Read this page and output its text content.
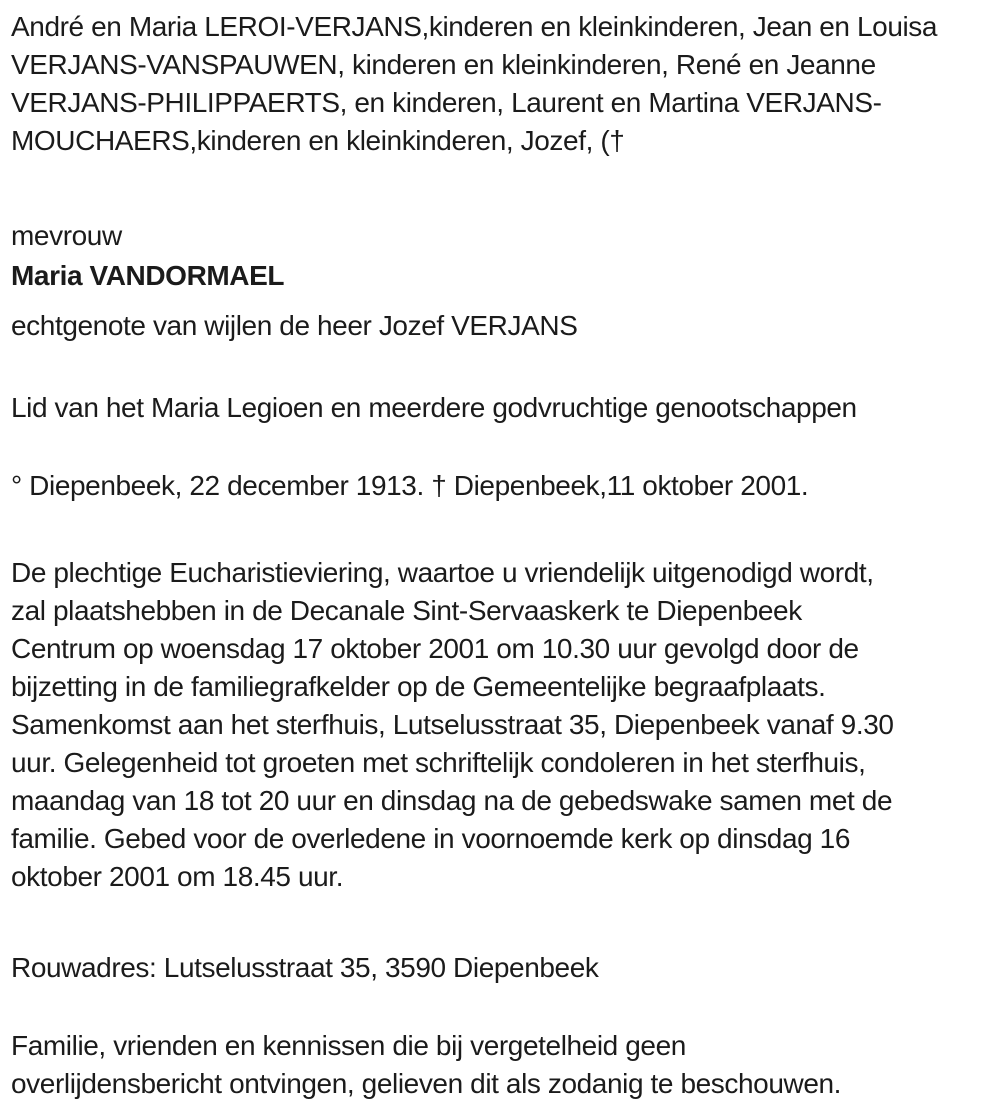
André en Maria LEROI-VERJANS,kinderen en kleinkinderen, Jean en Louisa
VERJANS-VANSPAUWEN, kinderen en kleinkinderen, René en Jeanne
VERJANS-PHILIPPAERTS, en kinderen, Laurent en Martina VERJANS-
MOUCHAERS,kinderen en kleinkinderen, Jozef, (†
mevrouw
Maria VANDORMAEL
echtgenote van wijlen de heer Jozef VERJANS
Lid van het Maria Legioen en meerdere godvruchtige genootschappen
° Diepenbeek, 22 december 1913. † Diepenbeek,11 oktober 2001.
De plechtige Eucharistieviering, waartoe u vriendelijk uitgenodigd wordt,
zal plaatshebben in de Decanale Sint-Servaaskerk te Diepenbeek
Centrum op woensdag 17 oktober 2001 om 10.30 uur gevolgd door de
bijzetting in de familiegrafkelder op de Gemeentelijke begraafplaats.
Samenkomst aan het sterfhuis, Lutselusstraat 35, Diepenbeek vanaf 9.30
uur. Gelegenheid tot groeten met schriftelijk condoleren in het sterfhuis,
maandag van 18 tot 20 uur en dinsdag na de gebedswake samen met de
familie. Gebed voor de overledene in voornoemde kerk op dinsdag 16
oktober 2001 om 18.45 uur.
Rouwadres: Lutselusstraat 35, 3590 Diepenbeek
Familie, vrienden en kennissen die bij vergetelheid geen
overlijdensbericht ontvingen, gelieven dit als zodanig te beschouwen.
